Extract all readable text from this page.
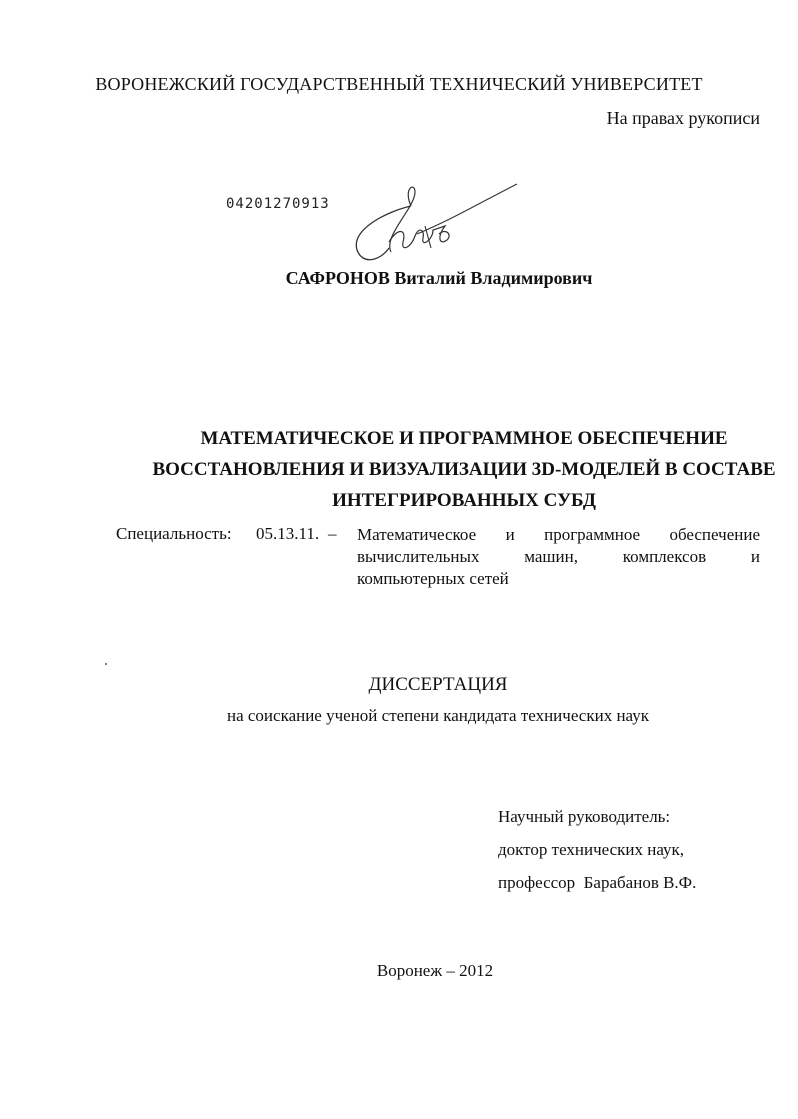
ВОРОНЕЖСКИЙ ГОСУДАРСТВЕННЫЙ ТЕХНИЧЕСКИЙ УНИВЕРСИТЕТ
На правах рукописи
04201270913
САФРОНОВ Виталий Владимирович
МАТЕМАТИЧЕСКОЕ И ПРОГРАММНОЕ ОБЕСПЕЧЕНИЕ
ВОССТАНОВЛЕНИЯ И ВИЗУАЛИЗАЦИИ 3D-МОДЕЛЕЙ В СОСТАВЕ
ИНТЕГРИРОВАННЫХ СУБД
Специальность: 05.13.11. – Математическое и программное обеспечение
вычислительных машин, комплексов и
компьютерных сетей
ДИССЕРТАЦИЯ
на соискание ученой степени кандидата технических наук
Научный руководитель:
доктор технических наук,
профессор  Барабанов В.Ф.
Воронеж – 2012
